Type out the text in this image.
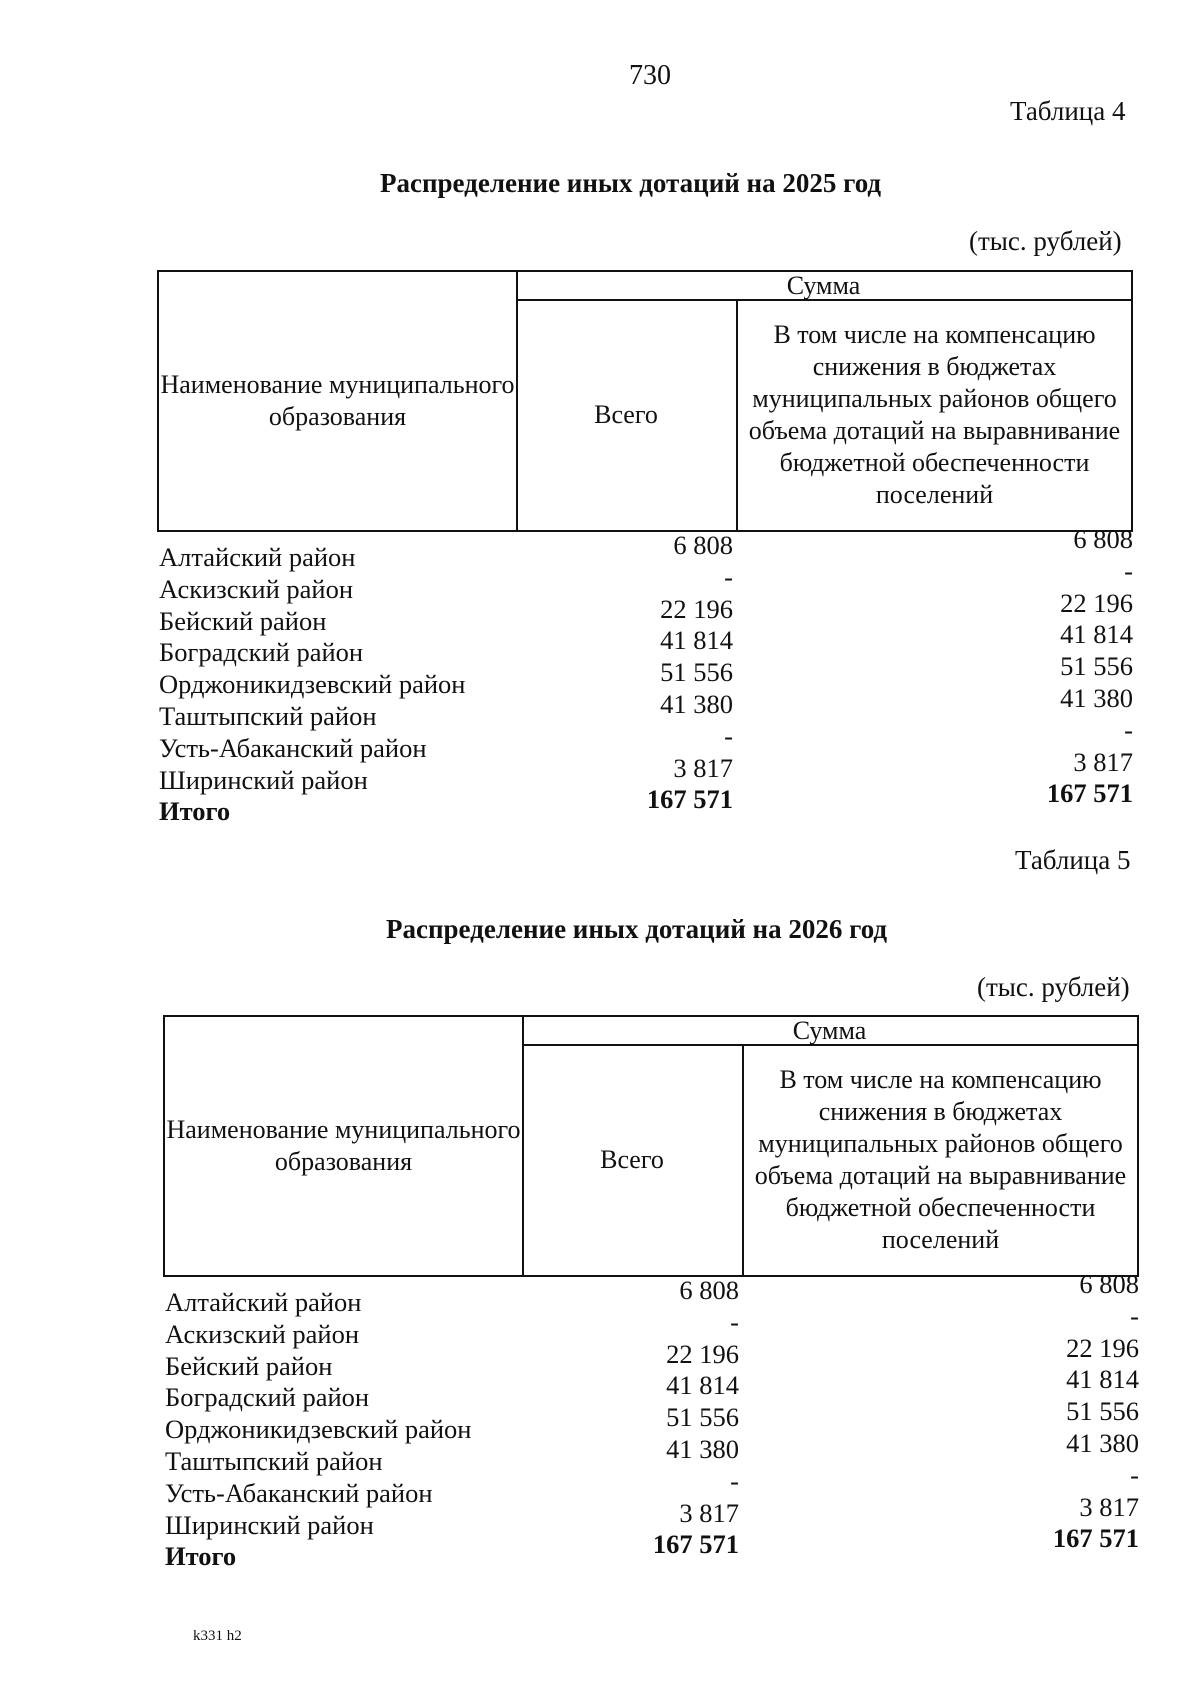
730
Таблица 4
Распределение иных дотаций на 2025 год
(тыс. рублей)
Наименование муниципального образования
Сумма
Всего
В том числе на компенсацию снижения в бюджетах муниципальных районов общего объема дотаций на выравнивание бюджетной обеспеченности поселений
Алтайский район	6 808	6 808
Аскизский район	-	-
Бейский район	22 196	22 196
Боградский район	41 814	41 814
Орджоникидзевский район	51 556	51 556
Таштыпский район	41 380	41 380
Усть-Абаканский район	-	-
Ширинский район	3 817	3 817
Итого	167 571	167 571
Таблица 5
Распределение иных дотаций на 2026 год
(тыс. рублей)
Наименование муниципального образования
Сумма
Всего
В том числе на компенсацию снижения в бюджетах муниципальных районов общего объема дотаций на выравнивание бюджетной обеспеченности поселений
Алтайский район	6 808	6 808
Аскизский район	-	-
Бейский район	22 196	22 196
Боградский район	41 814	41 814
Орджоникидзевский район	51 556	51 556
Таштыпский район	41 380	41 380
Усть-Абаканский район	-	-
Ширинский район	3 817	3 817
Итого	167 571	167 571
k331 h2
